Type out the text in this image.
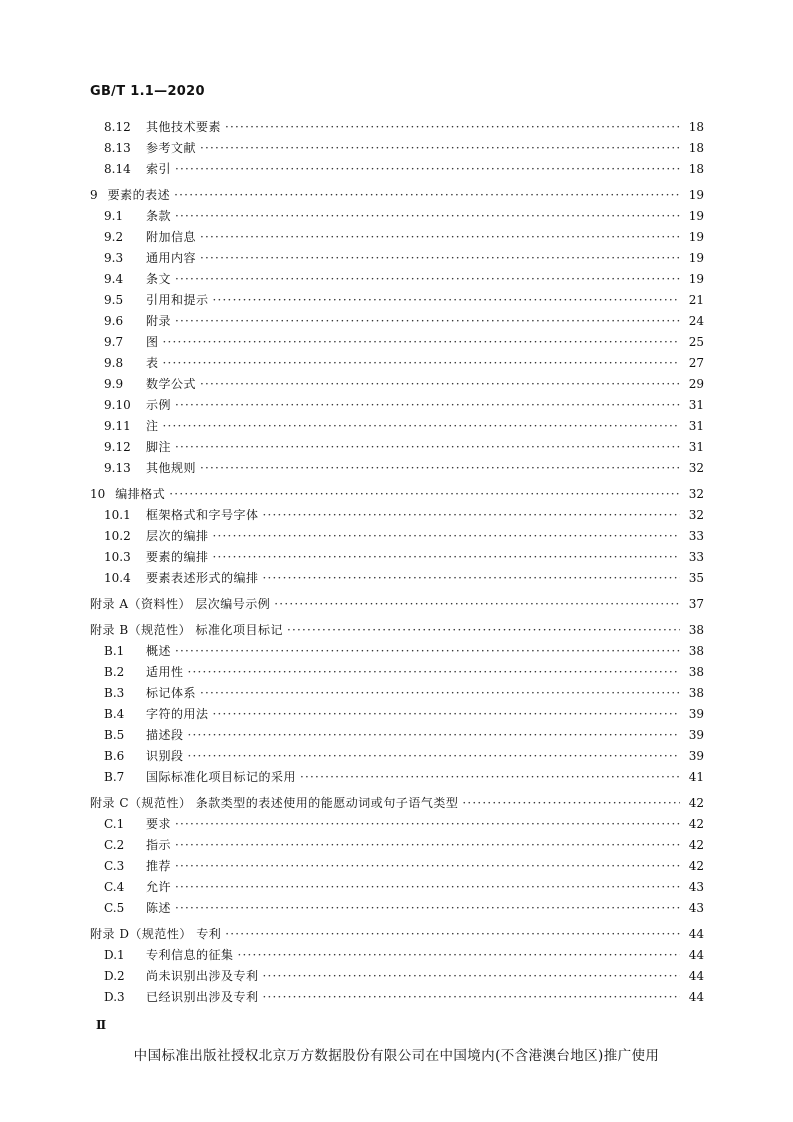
GB/T 1.1—2020
8.12 其他技术要素 ·····	18
8.13 参考文献 ·····	18
8.14 索引 ·····	18
9 要素的表述 ·····	19
9.1	条款 ·····	19
9.2	附加信息 ·····	19
9.3	通用内容 ·····	19
9.4	条文 ·····	19
9.5	引用和提示 ·····	21
9.6	附录 ·····	24
9.7	图 ·····	25
9.8	表 ·····	27
9.9	数学公式 ·····	29
9.10 示例 ·····	31
9.11 注 ·····	31
9.12 脚注 ·····	31
9.13 其他规则 ·····	32
10 编排格式 ·····	32
10.1 框架格式和字号字体 ·····	32
10.2 层次的编排 ·····	33
10.3 要素的编排 ·····	33
10.4 要素表述形式的编排 ·····	35
附录 A（资料性） 层次编号示例 ·····	37
附录 B（规范性） 标准化项目标记 ·····	38
B.1	概述 ·····	38
B.2	适用性 ·····	38
B.3	标记体系 ·····	38
B.4	字符的用法 ·····	39
B.5	描述段 ·····	39
B.6	识别段 ·····	39
B.7	国际标准化项目标记的采用 ·····	41
附录 C（规范性） 条款类型的表述使用的能愿动词或句子语气类型 ·····	42
C.1	要求 ·····	42
C.2	指示 ·····	42
C.3	推荐 ·····	42
C.4	允许 ·····	43
C.5	陈述 ·····	43
附录 D（规范性） 专利 ·····	44
D.1	专利信息的征集 ·····	44
D.2	尚未识别出涉及专利 ·····	44
D.3	已经识别出涉及专利 ·····	44
Ⅱ
中国标准出版社授权北京万方数据股份有限公司在中国境内(不含港澳台地区)推广使用
